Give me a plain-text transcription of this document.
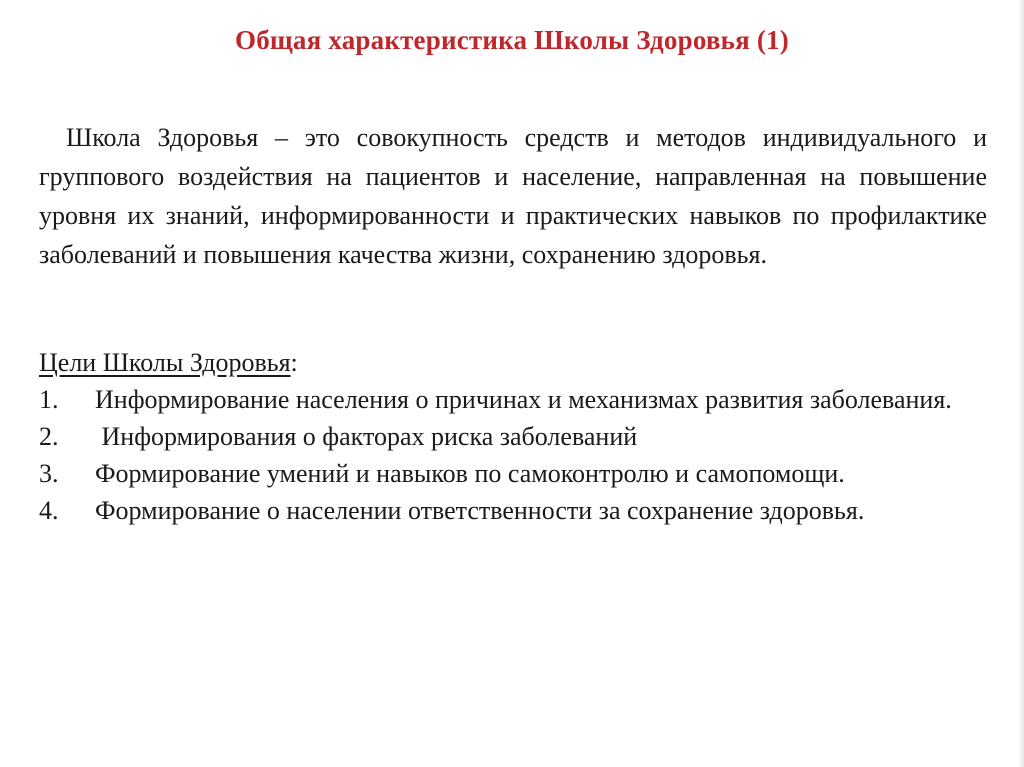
Общая характеристика Школы Здоровья (1)

Школа Здоровья – это совокупность средств и методов индивидуального и группового воздействия на пациентов и население, направленная на повышение уровня их знаний, информированности и практических навыков по профилактике заболеваний и повышения качества жизни, сохранению здоровья.

Цели Школы Здоровья:

1. Информирование населения о причинах и механизмах развития заболевания.
2. Информирования о факторах риска заболеваний
3. Формирование умений и навыков по самоконтролю и самопомощи.
4. Формирование о населении ответственности за сохранение здоровья.
